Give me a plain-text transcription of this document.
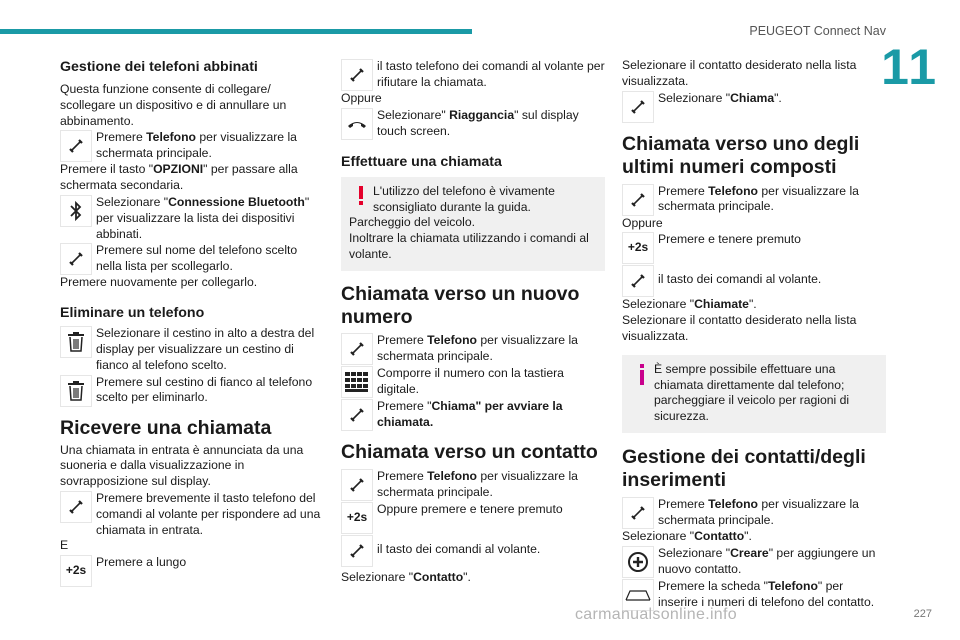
PEUGEOT Connect Nav
11
Gestione dei telefoni abbinati
Questa funzione consente di collegare/ scollegare un dispositivo e di annullare un abbinamento.
Premere Telefono per visualizzare la schermata principale.
Premere il tasto "OPZIONI" per passare alla schermata secondaria.
Selezionare "Connessione Bluetooth" per visualizzare la lista dei dispositivi abbinati.
Premere sul nome del telefono scelto nella lista per scollegarlo.
Premere nuovamente per collegarlo.
Eliminare un telefono
Selezionare il cestino in alto a destra del display per visualizzare un cestino di fianco al telefono scelto.
Premere sul cestino di fianco al telefono scelto per eliminarlo.
Ricevere una chiamata
Una chiamata in entrata è annunciata da una suoneria e dalla visualizzazione in sovrapposizione sul display.
Premere brevemente il tasto telefono del comandi al volante per rispondere ad una chiamata in entrata.
E
+2s
Premere a lungo
il tasto telefono dei comandi al volante per rifiutare la chiamata.
Oppure
Selezionare" Riaggancia" sul display touch screen.
Effettuare una chiamata
L'utilizzo del telefono è vivamente sconsigliato durante la guida.
Parcheggio del veicolo.
Inoltrare la chiamata utilizzando i comandi al volante.
Chiamata verso un nuovo numero
Premere Telefono per visualizzare la schermata principale.
Comporre il numero con la tastiera digitale.
Premere "Chiama" per avviare la chiamata.
Chiamata verso un contatto
Premere Telefono per visualizzare la schermata principale.
+2s
Oppure premere e tenere premuto
il tasto dei comandi al volante.
Selezionare "Contatto".
Selezionare il contatto desiderato nella lista visualizzata.
Selezionare "Chiama".
Chiamata verso uno degli ultimi numeri composti
Premere Telefono per visualizzare la schermata principale.
Oppure
+2s
Premere e tenere premuto
il tasto dei comandi al volante.
Selezionare "Chiamate".
Selezionare il contatto desiderato nella lista visualizzata.
È sempre possibile effettuare una chiamata direttamente dal telefono; parcheggiare il veicolo per ragioni di sicurezza.
Gestione dei contatti/degli inserimenti
Premere Telefono per visualizzare la schermata principale.
Selezionare "Contatto".
Selezionare "Creare" per aggiungere un nuovo contatto.
Premere la scheda "Telefono" per inserire i numeri di telefono del contatto.
carmanualsonline.info	227
